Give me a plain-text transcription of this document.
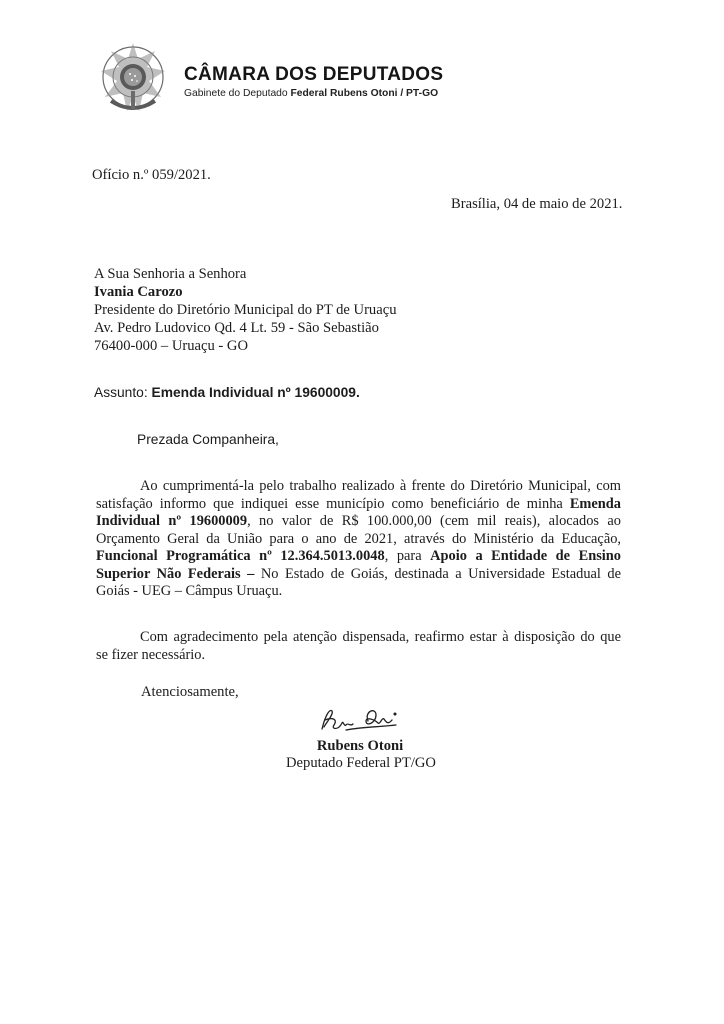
CÂMARA DOS DEPUTADOS
Gabinete do Deputado Federal Rubens Otoni / PT-GO
Ofício n.º 059/2021.
Brasília, 04 de maio de 2021.
A Sua Senhoria a Senhora
Ivania Carozo
Presidente do Diretório Municipal do PT de Uruaçu
Av. Pedro Ludovico Qd. 4 Lt. 59 - São Sebastião
76400-000 – Uruaçu - GO
Assunto: Emenda Individual nº 19600009.
Prezada Companheira,
Ao cumprimentá-la pelo trabalho realizado à frente do Diretório Municipal, com
satisfação informo que indiquei esse município como beneficiário de minha Emenda
Individual nº 19600009, no valor de R$ 100.000,00 (cem mil reais), alocados ao
Orçamento Geral da União para o ano de 2021, através do Ministério da Educação,
Funcional Programática nº 12.364.5013.0048, para Apoio a Entidade de Ensino
Superior Não Federais – No Estado de Goiás, destinada a Universidade Estadual de
Goiás - UEG – Câmpus Uruaçu.
Com agradecimento pela atenção dispensada, reafirmo estar à disposição do que
se fizer necessário.
Atenciosamente,
Rubens Otoni
Deputado Federal PT/GO
